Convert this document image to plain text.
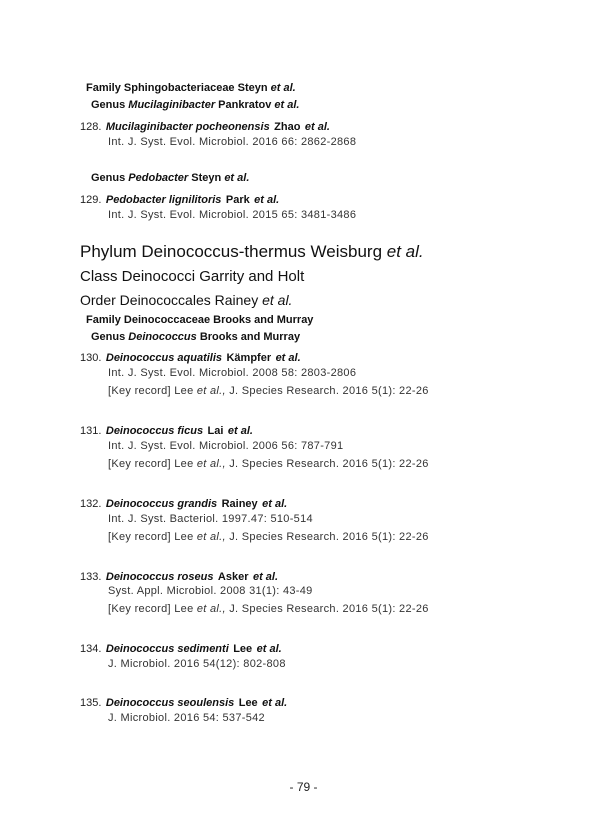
Family Sphingobacteriaceae Steyn et al.
Genus Mucilaginibacter Pankratov et al.
128. Mucilaginibacter pocheonensis Zhao et al.
Int. J. Syst. Evol. Microbiol. 2016 66: 2862-2868
Genus Pedobacter Steyn et al.
129. Pedobacter lignilitoris Park et al.
Int. J. Syst. Evol. Microbiol. 2015 65: 3481-3486
Phylum Deinococcus-thermus Weisburg et al.
Class Deinococci Garrity and Holt
Order Deinococcales Rainey et al.
Family Deinococcaceae Brooks and Murray
Genus Deinococcus Brooks and Murray
130. Deinococcus aquatilis Kämpfer et al.
Int. J. Syst. Evol. Microbiol. 2008 58: 2803-2806
[Key record] Lee et al., J. Species Research. 2016 5(1): 22-26
131. Deinococcus ficus Lai et al.
Int. J. Syst. Evol. Microbiol. 2006 56: 787-791
[Key record] Lee et al., J. Species Research. 2016 5(1): 22-26
132. Deinococcus grandis Rainey et al.
Int. J. Syst. Bacteriol. 1997.47: 510-514
[Key record] Lee et al., J. Species Research. 2016 5(1): 22-26
133. Deinococcus roseus Asker et al.
Syst. Appl. Microbiol. 2008 31(1): 43-49
[Key record] Lee et al., J. Species Research. 2016 5(1): 22-26
134. Deinococcus sedimenti Lee et al.
J. Microbiol. 2016 54(12): 802-808
135. Deinococcus seoulensis Lee et al.
J. Microbiol. 2016 54: 537-542
- 79 -
